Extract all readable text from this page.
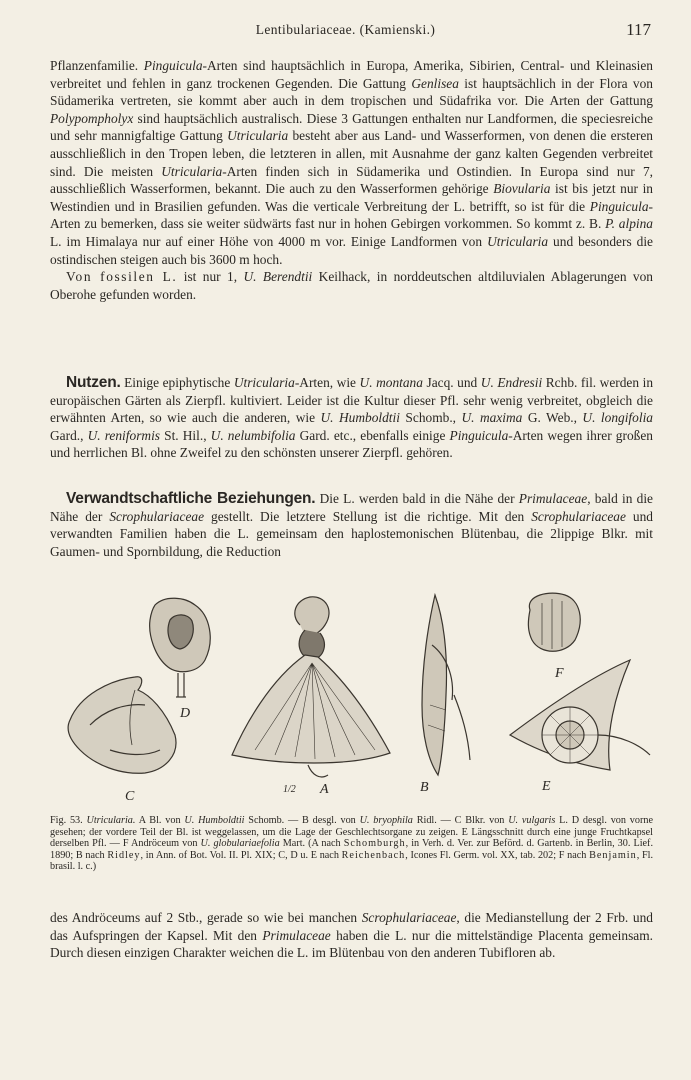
Lentibulariaceae. (Kamienski.)	117

Pflanzenfamilie. Pinguicula-Arten sind hauptsächlich in Europa, Amerika, Sibirien, Central- und Kleinasien verbreitet und fehlen in ganz trockenen Gegenden. Die Gattung Genlisea ist hauptsächlich in der Flora von Südamerika vertreten, sie kommt aber auch in dem tropischen und Südafrika vor. Die Arten der Gattung Polypompholyx sind hauptsächlich australisch. Diese 3 Gattungen enthalten nur Landformen, die speciesreiche und sehr mannigfaltige Gattung Utricularia besteht aber aus Land- und Wasserformen, von denen die ersteren ausschließlich in den Tropen leben, die letzteren in allen, mit Ausnahme der ganz kalten Gegenden verbreitet sind. Die meisten Utricularia-Arten finden sich in Südamerika und Ostindien. In Europa sind nur 7, ausschließlich Wasserformen, bekannt. Die auch zu den Wasserformen gehörige Biovularia ist bis jetzt nur in Westindien und in Brasilien gefunden. Was die verticale Verbreitung der L. betrifft, so ist für die Pinguicula-Arten zu bemerken, dass sie weiter südwärts fast nur in hohen Gebirgen vorkommen. So kommt z. B. P. alpina L. im Himalaya nur auf einer Höhe von 4000 m vor. Einige Landformen von Utricularia und besonders die ostindischen steigen auch bis 3600 m hoch.

Von fossilen L. ist nur 1, U. Berendtii Keilhack, in norddeutschen altdiluvialen Ablagerungen von Oberohe gefunden worden.

Nutzen. Einige epiphytische Utricularia-Arten, wie U. montana Jacq. und U. Endresii Rchb. fil. werden in europäischen Gärten als Zierpfl. kultiviert. Leider ist die Kultur dieser Pfl. sehr wenig verbreitet, obgleich die erwähnten Arten, so wie auch die anderen, wie U. Humboldtii Schomb., U. maxima G. Web., U. longifolia Gard., U. reniformis St. Hil., U. nelumbifolia Gard. etc., ebenfalls einige Pinguicula-Arten wegen ihrer großen und herrlichen Bl. ohne Zweifel zu den schönsten unserer Zierpfl. gehören.

Verwandtschaftliche Beziehungen. Die L. werden bald in die Nähe der Primulaceae, bald in die Nähe der Scrophulariaceae gestellt. Die letztere Stellung ist die richtige. Mit den Scrophulariaceae und verwandten Familien haben die L. gemeinsam den haplostemonischen Blütenbau, die 2lippige Blkr. mit Gaumen- und Spornbildung, die Reduction

C
D
A
1/2	B
F
E

Fig. 53. Utricularia. A Bl. von U. Humboldtii Schomb. — B desgl. von U. bryophila Ridl. — C Blkr. von U. vulgaris L. D desgl. von vorne gesehen; der vordere Teil der Bl. ist weggelassen, um die Lage der Geschlechtsorgane zu zeigen. E Längsschnitt durch eine junge Fruchtkapsel derselben Pfl. — F Andröceum von U. globulariaefolia Mart. (A nach Schomburgh, in Verh. d. Ver. zur Beförd. d. Gartenb. in Berlin, 30. Lief. 1890; B nach Ridley, in Ann. of Bot. Vol. II. Pl. XIX; C, D u. E nach Reichenbach, Icones Fl. Germ. vol. XX, tab. 202; F nach Benjamin, Fl. brasil. l. c.)

des Andröceums auf 2 Stb., gerade so wie bei manchen Scrophulariaceae, die Medianstellung der 2 Frb. und das Aufspringen der Kapsel. Mit den Primulaceae haben die L. nur die mittelständige Placenta gemeinsam. Durch diesen einzigen Charakter weichen die L. im Blütenbau von den anderen Tubifloren ab.
